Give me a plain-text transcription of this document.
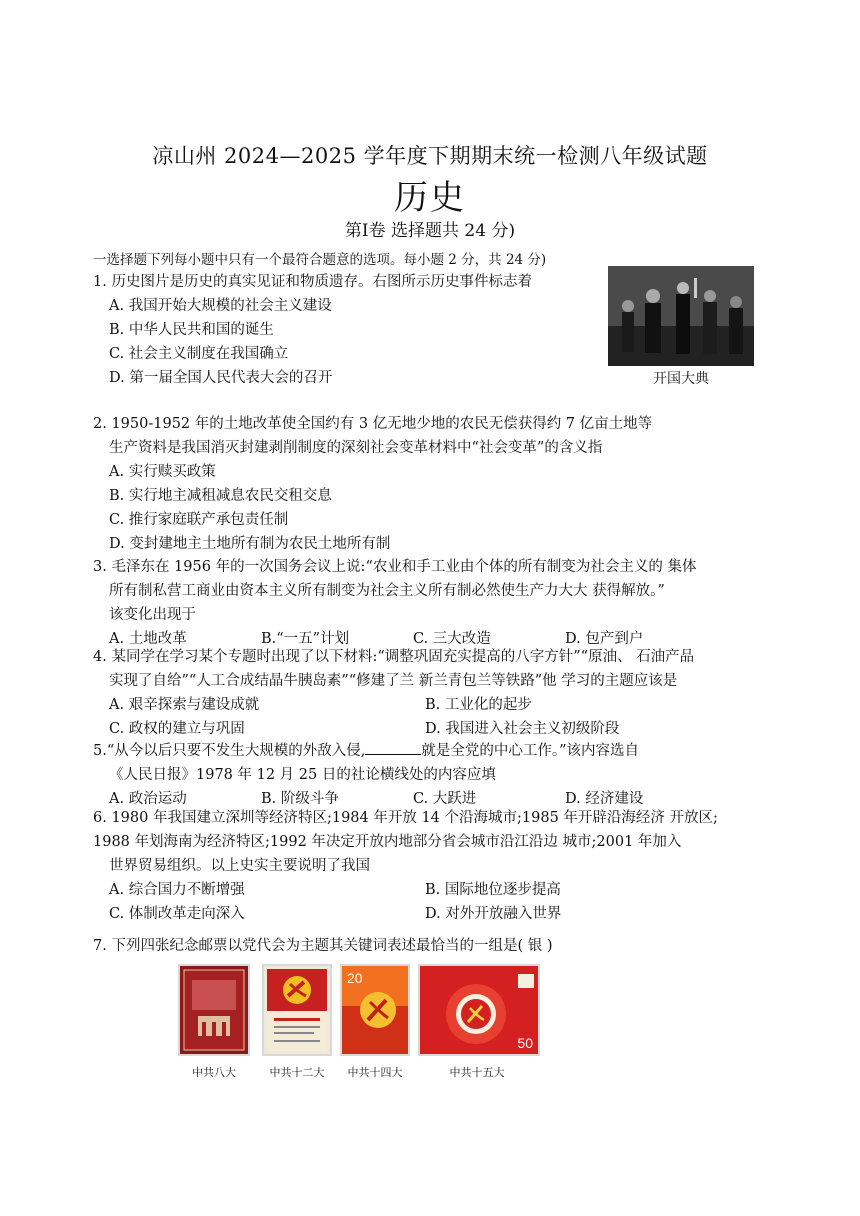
凉山州 2024—2025 学年度下期期末统一检测八年级试题
历史
第Ⅰ卷 选择题共 24 分)
一选择题下列每小题中只有一个最符合题意的选项。每小题 2 分，共 24 分)
1. 历史图片是历史的真实见证和物质遗存。右图所示历史事件标志着
A. 我国开始大规模的社会主义建设
B. 中华人民共和国的诞生
C. 社会主义制度在我国确立
D. 第一届全国人民代表大会的召开	开国大典
2. 1950-1952 年的土地改革使全国约有 3 亿无地少地的农民无偿获得约 7 亿亩土地等
生产资料是我国消灭封建剥削制度的深刻社会变革材料中“社会变革”的含义指
A. 实行赎买政策
B. 实行地主减租减息农民交租交息
C. 推行家庭联产承包责任制
D. 变封建地主土地所有制为农民土地所有制
3. 毛泽东在 1956 年的一次国务会议上说:“农业和手工业由个体的所有制变为社会主义的 集体
所有制私营工商业由资本主义所有制变为社会主义所有制必然使生产力大大 获得解放。”
该变化出现于
A. 土地改革	B.“一五”计划	C. 三大改造	D. 包产到户
4. 某同学在学习某个专题时出现了以下材料:“调整巩固充实提高的八字方针”“原油、 石油产品
实现了自给”“人工合成结晶牛胰岛素”“修建了兰 新兰青包兰等铁路”他 学习的主题应该是
A. 艰辛探索与建设成就	B. 工业化的起步
C. 政权的建立与巩固	D. 我国进入社会主义初级阶段
5.“从今以后只要不发生大规模的外敌入侵,	就是全党的中心工作。”该内容选自
《人民日报》1978 年 12 月 25 日的社论横线处的内容应填
A. 政治运动	B. 阶级斗争	C. 大跃进	D. 经济建设
6. 1980 年我国建立深圳等经济特区;1984 年开放 14 个沿海城市;1985 年开辟沿海经济 开放区;
1988 年划海南为经济特区;1992 年决定开放内地部分省会城市沿江沿边 城市;2001 年加入
世界贸易组织。以上史实主要说明了我国
A. 综合国力不断增强	B. 国际地位逐步提高
C. 体制改革走向深入	D. 对外开放融入世界
7. 下列四张纪念邮票以党代会为主题其关键词表述最恰当的一组是( 银 )
20
50
中共八大	中共十二大	中共十四大	中共十五大
